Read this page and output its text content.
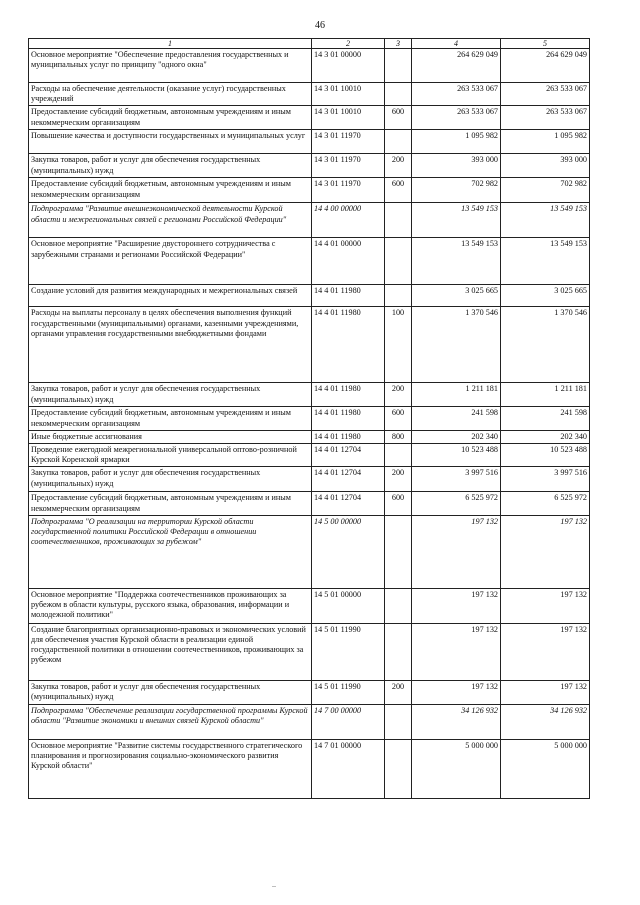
46
1	2	3	4	5
Основное мероприятие "Обеспечение предоставления государственных и муниципальных услуг по принципу "одного окна"	14 3 01 00000		264 629 049	264 629 049
Расходы на обеспечение деятельности (оказание услуг) государственных учреждений	14 3 01 10010		263 533 067	263 533 067
Предоставление субсидий бюджетным, автономным учреждениям и иным некоммерческим организациям	14 3 01 10010	600	263 533 067	263 533 067
Повышение качества и доступности государственных и муниципальных услуг	14 3 01 11970		1 095 982	1 095 982
Закупка товаров, работ и услуг для обеспечения государственных (муниципальных) нужд	14 3 01 11970	200	393 000	393 000
Предоставление субсидий бюджетным, автономным учреждениям и иным некоммерческим организациям	14 3 01 11970	600	702 982	702 982
Подпрограмма "Развитие внешнеэкономической деятельности Курской области и межрегиональных связей с регионами Российской Федерации"	14 4 00 00000		13 549 153	13 549 153
Основное мероприятие "Расширение двустороннего сотрудничества с зарубежными странами и регионами Российской Федерации"	14 4 01 00000		13 549 153	13 549 153
Создание условий для развития международных и межрегиональных связей	14 4 01 11980		3 025 665	3 025 665
Расходы на выплаты персоналу в целях обеспечения выполнения функций государственными (муниципальными) органами, казенными учреждениями, органами управления государственными внебюджетными фондами	14 4 01 11980	100	1 370 546	1 370 546
Закупка товаров, работ и услуг для обеспечения государственных (муниципальных) нужд	14 4 01 11980	200	1 211 181	1 211 181
Предоставление субсидий бюджетным, автономным учреждениям и иным некоммерческим организациям	14 4 01 11980	600	241 598	241 598
Иные бюджетные ассигнования	14 4 01 11980	800	202 340	202 340
Проведение ежегодной межрегиональной универсальной оптово-розничной Курской Коренской ярмарки	14 4 01 12704		10 523 488	10 523 488
Закупка товаров, работ и услуг для обеспечения государственных (муниципальных) нужд	14 4 01 12704	200	3 997 516	3 997 516
Предоставление субсидий бюджетным, автономным учреждениям и иным некоммерческим организациям	14 4 01 12704	600	6 525 972	6 525 972
Подпрограмма "О реализации на территории Курской области государственной политики Российской Федерации в отношении соотечественников, проживающих за рубежом"	14 5 00 00000		197 132	197 132
Основное мероприятие "Поддержка соотечественников проживающих за рубежом в области культуры, русского языка, образования, информации и молодежной политики"	14 5 01 00000		197 132	197 132
Создание благоприятных организационно-правовых и экономических условий для обеспечения участия Курской области в реализации единой государственной политики в отношении соотечественников, проживающих за рубежом	14 5 01 11990		197 132	197 132
Закупка товаров, работ и услуг для обеспечения государственных (муниципальных) нужд	14 5 01 11990	200	197 132	197 132
Подпрограмма "Обеспечение реализации государственной программы Курской области "Развитие экономики и внешних связей Курской области"	14 7 00 00000		34 126 932	34 126 932
Основное мероприятие "Развитие системы государственного стратегического планирования и прогнозирования социально-экономического развития Курской области"	14 7 01 00000		5 000 000	5 000 000
..
